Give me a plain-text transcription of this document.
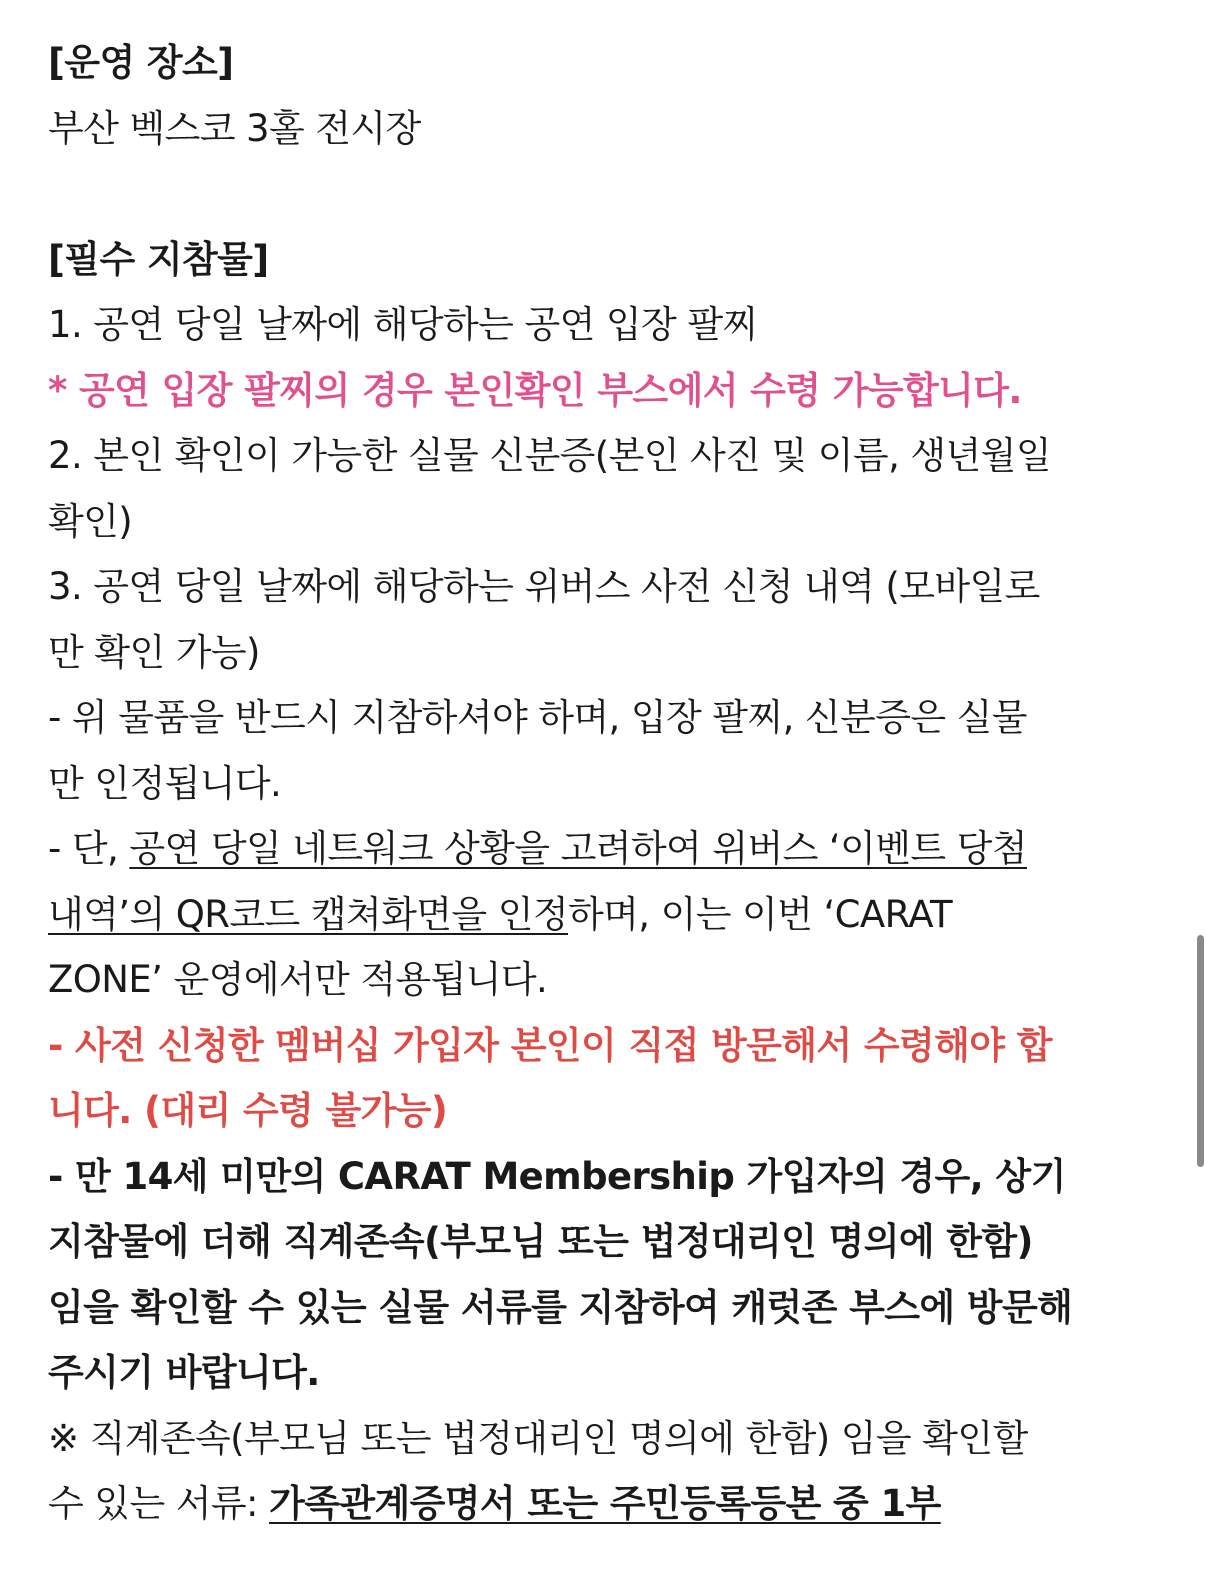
[운영 장소]
부산 벡스코 3홀 전시장
[필수 지참물]
1. 공연 당일 날짜에 해당하는 공연 입장 팔찌
* 공연 입장 팔찌의 경우 본인확인 부스에서 수령 가능합니다.
2. 본인 확인이 가능한 실물 신분증(본인 사진 및 이름, 생년월일
확인)
3. 공연 당일 날짜에 해당하는 위버스 사전 신청 내역 (모바일로
만 확인 가능)
- 위 물품을 반드시 지참하셔야 하며, 입장 팔찌, 신분증은 실물
만 인정됩니다.
- 단, 공연 당일 네트워크 상황을 고려하여 위버스 ‘이벤트 당첨
내역’의 QR코드 캡쳐화면을 인정하며, 이는 이번 ‘CARAT
ZONE’ 운영에서만 적용됩니다.
- 사전 신청한 멤버십 가입자 본인이 직접 방문해서 수령해야 합
니다. (대리 수령 불가능)
- 만 14세 미만의 CARAT Membership 가입자의 경우, 상기
지참물에 더해 직계존속(부모님 또는 법정대리인 명의에 한함)
임을 확인할 수 있는 실물 서류를 지참하여 캐럿존 부스에 방문해
주시기 바랍니다.
※ 직계존속(부모님 또는 법정대리인 명의에 한함) 임을 확인할
수 있는 서류: 가족관계증명서 또는 주민등록등본 중 1부
